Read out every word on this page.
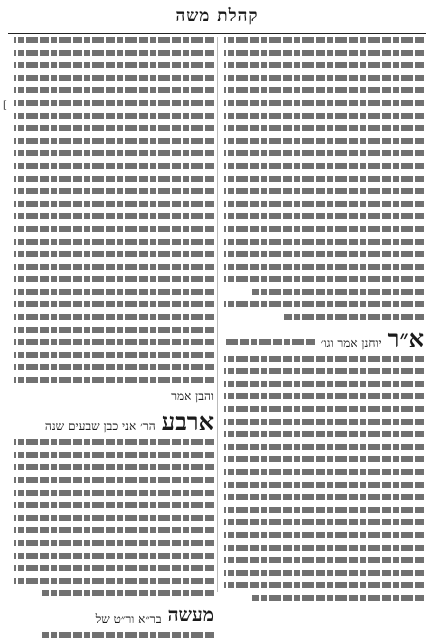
קהלת משה
[
א״ר
יוחנן אמר וגו׳
והבן אמר
ארבע
הר׳ אני כבן שבעים שנה
מעשה
בר״א ור״ט של
